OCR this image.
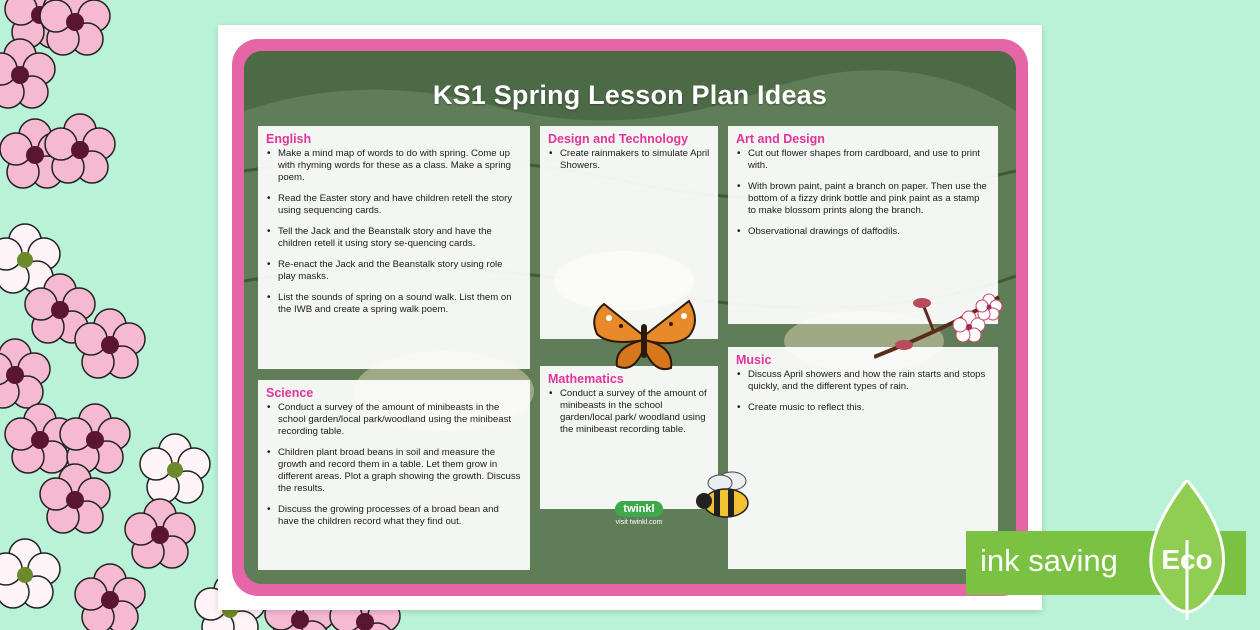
KS1 Spring Lesson Plan Ideas
English
• Make a mind map of words to do with spring. Come up with rhyming words for these as a class. Make a spring poem.
• Read the Easter story and have children retell the story using sequencing cards.
• Tell the Jack and the Beanstalk story and have the children retell it using story se-quencing cards.
• Re-enact the Jack and the Beanstalk story using role play masks.
• List the sounds of spring on a sound walk. List them on the IWB and create a spring walk poem.
Science
• Conduct a survey of the amount of minibeasts in the school garden/local park/woodland using the minibeast recording table.
• Children plant broad beans in soil and measure the growth and record them in a table. Let them grow in different areas. Plot a graph showing the growth. Discuss the results.
• Discuss the growing processes of a broad bean and have the children record what they find out.
Design and Technology
• Create rainmakers to simulate April Showers.
Mathematics
• Conduct a survey of the amount of minibeasts in the school garden/local park/ woodland using the minibeast recording table.
Art and Design
• Cut out flower shapes from cardboard, and use to print with.
• With brown paint, paint a branch on paper. Then use the bottom of a fizzy drink bottle and pink paint as a stamp to make blossom prints along the branch.
• Observational drawings of daffodils.
Music
• Discuss April showers and how the rain starts and stops quickly, and the different types of rain.
• Create music to reflect this.
twinkl
visit twinkl.com
ink saving	Eco
